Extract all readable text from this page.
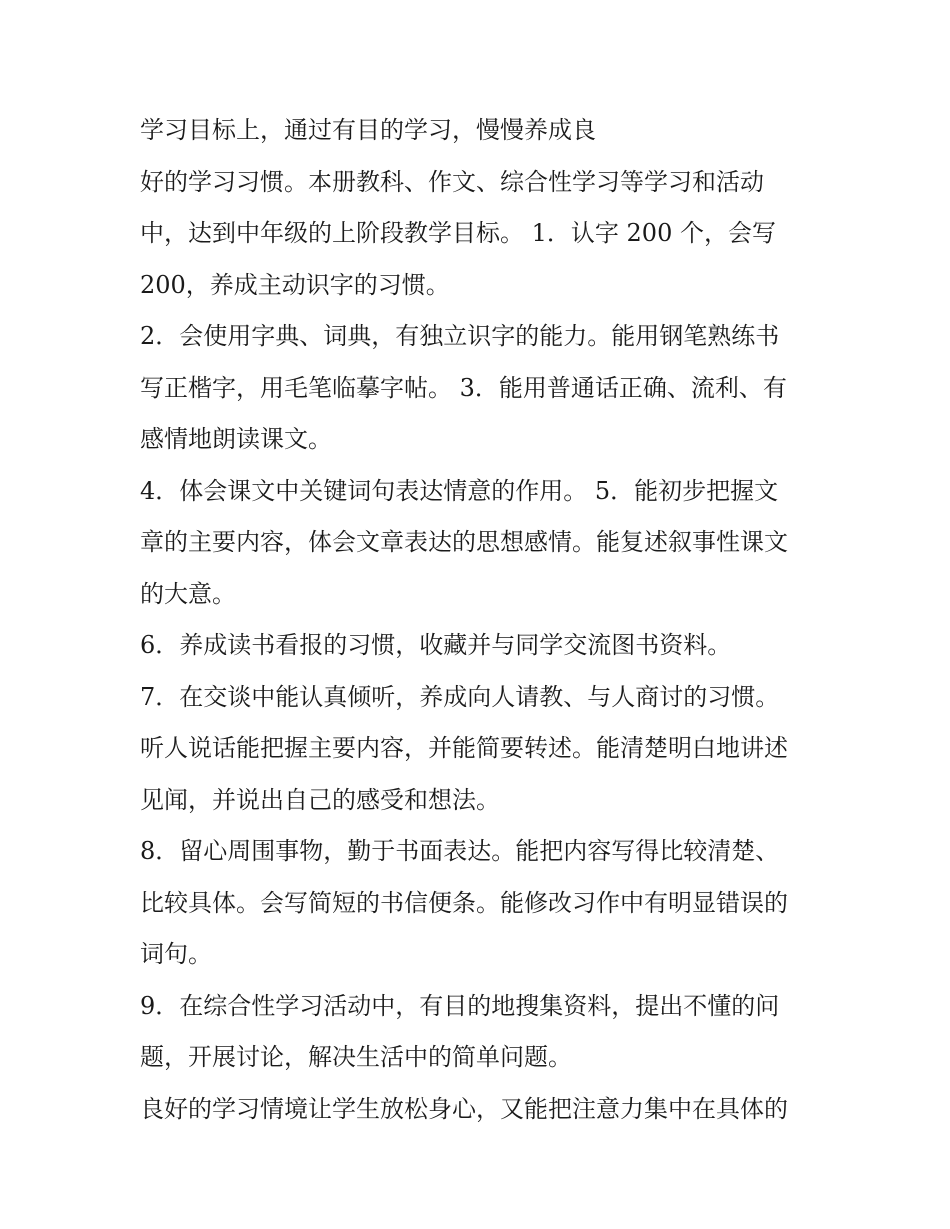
学习目标上，通过有目的学习，慢慢养成良
好的学习习惯。本册教科、作文、综合性学习等学习和活动
中，达到中年级的上阶段教学目标。 1．认字 200 个，会写
200，养成主动识字的习惯。
2．会使用字典、词典，有独立识字的能力。能用钢笔熟练书
写正楷字，用毛笔临摹字帖。 3．能用普通话正确、流利、有
感情地朗读课文。
4．体会课文中关键词句表达情意的作用。 5．能初步把握文
章的主要内容，体会文章表达的思想感情。能复述叙事性课文
的大意。
6．养成读书看报的习惯，收藏并与同学交流图书资料。
7．在交谈中能认真倾听，养成向人请教、与人商讨的习惯。
听人说话能把握主要内容，并能简要转述。能清楚明白地讲述
见闻，并说出自己的感受和想法。
8．留心周围事物，勤于书面表达。能把内容写得比较清楚、
比较具体。会写简短的书信便条。能修改习作中有明显错误的
词句。
9．在综合性学习活动中，有目的地搜集资料，提出不懂的问
题，开展讨论，解决生活中的简单问题。
良好的学习情境让学生放松身心，又能把注意力集中在具体的
